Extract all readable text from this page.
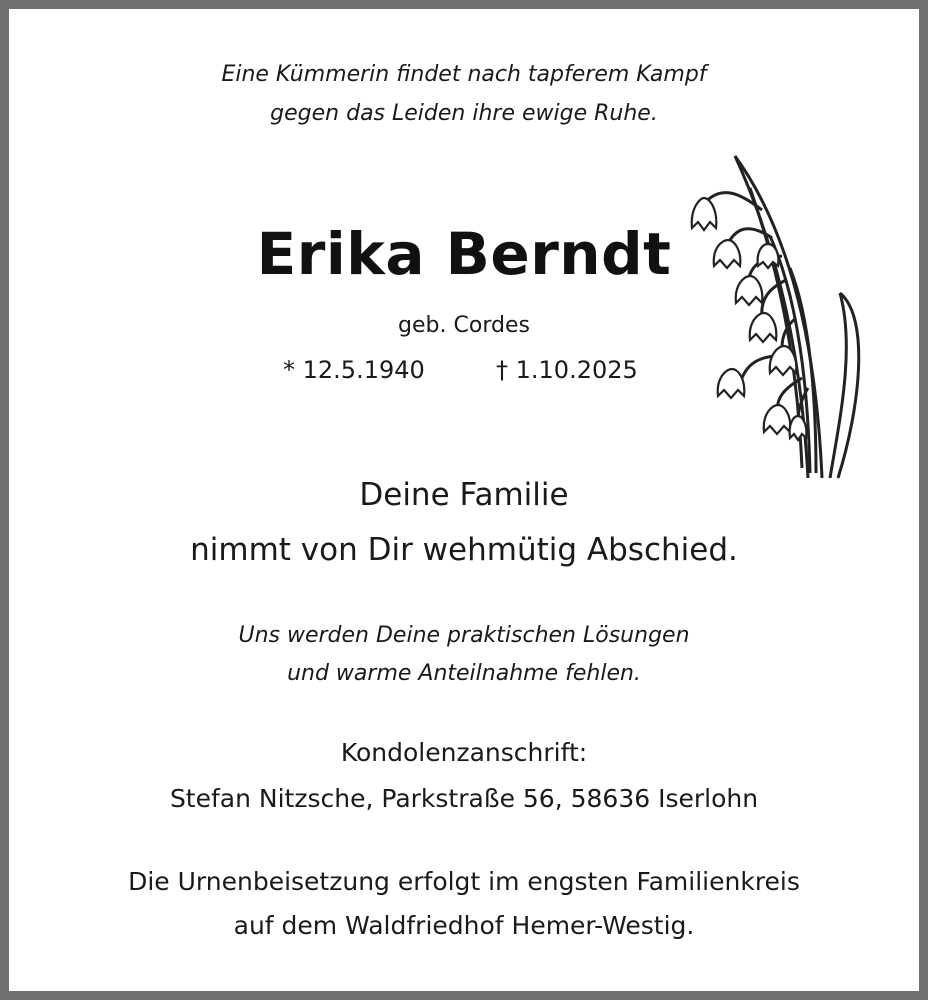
Eine Kümmerin findet nach tapferem Kampf
gegen das Leiden ihre ewige Ruhe.
Erika Berndt
geb. Cordes
* 12.5.1940	† 1.10.2025
Deine Familie
nimmt von Dir wehmütig Abschied.
Uns werden Deine praktischen Lösungen
und warme Anteilnahme fehlen.
Kondolenzanschrift:
Stefan Nitzsche, Parkstraße 56, 58636 Iserlohn
Die Urnenbeisetzung erfolgt im engsten Familienkreis
auf dem Waldfriedhof Hemer-Westig.
